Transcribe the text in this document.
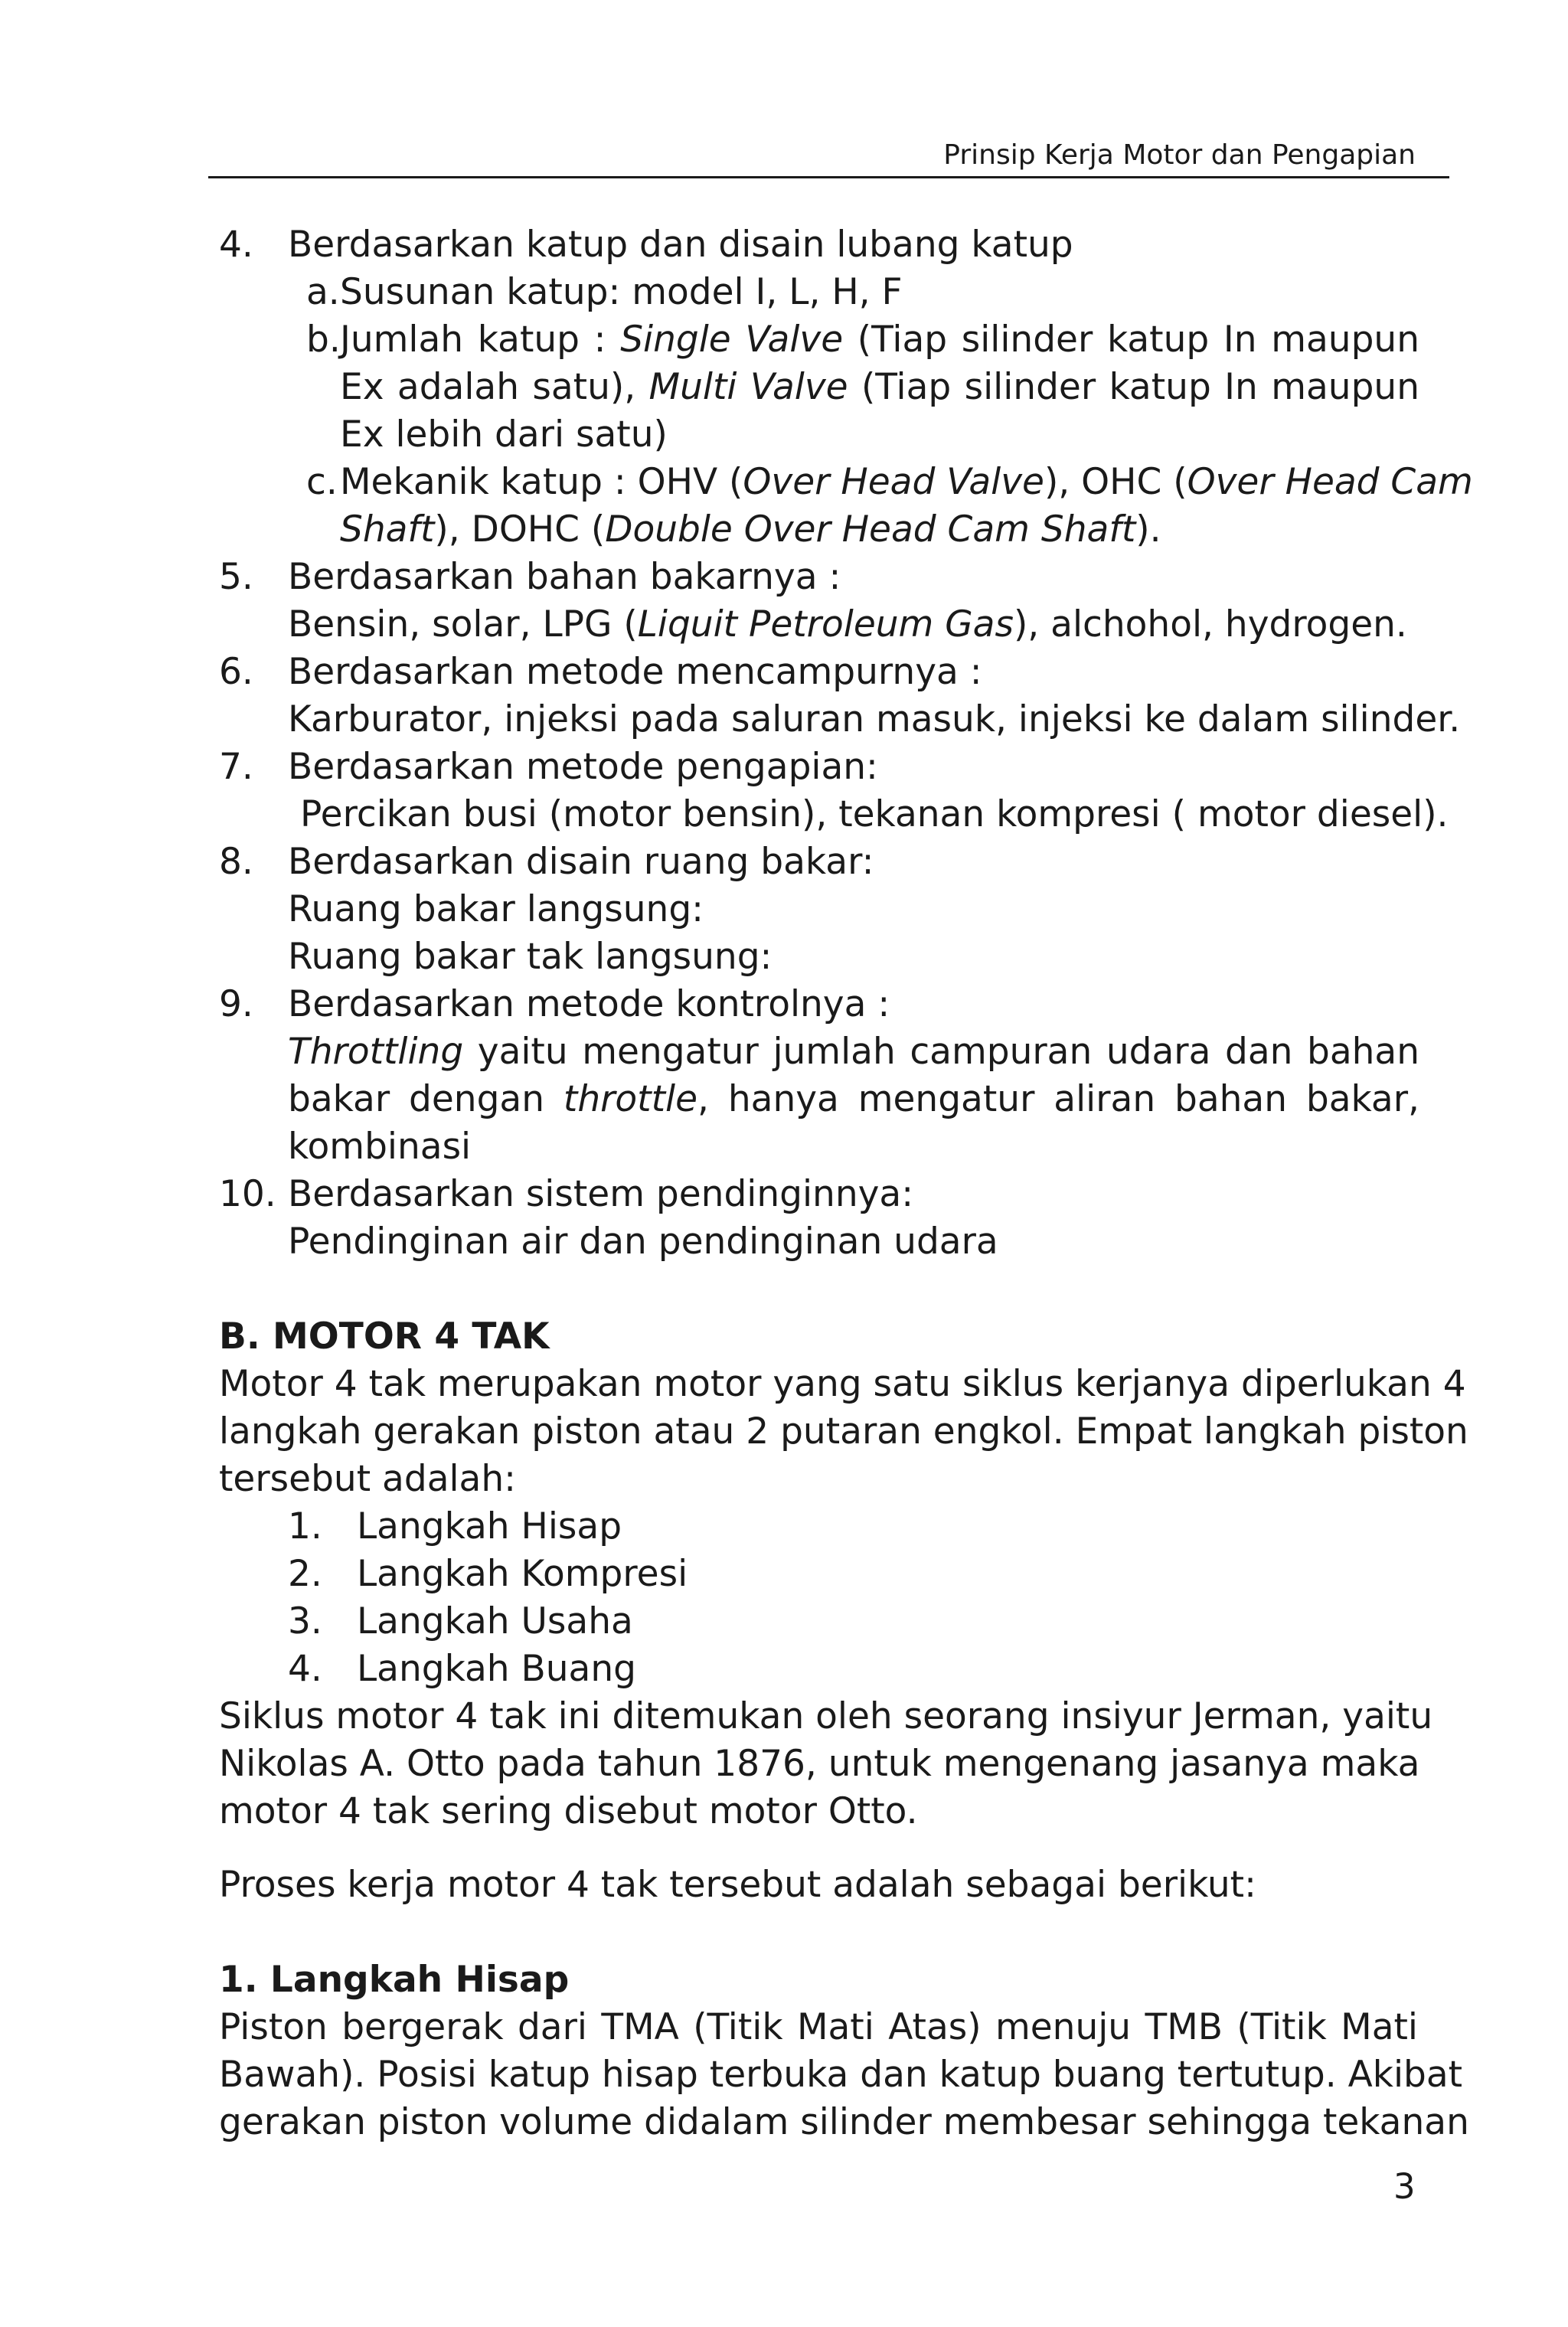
Prinsip Kerja Motor dan Pengapian
4. Berdasarkan katup dan disain lubang katup
a. Susunan katup: model I, L, H, F
b. Jumlah katup : Single Valve (Tiap silinder katup In maupun
Ex adalah satu), Multi Valve (Tiap silinder katup In maupun
Ex lebih dari satu)
c. Mekanik katup : OHV (Over Head Valve), OHC (Over Head Cam
Shaft), DOHC (Double Over Head Cam Shaft).
5. Berdasarkan bahan bakarnya :
Bensin, solar, LPG (Liquit Petroleum Gas), alchohol, hydrogen.
6. Berdasarkan metode mencampurnya :
Karburator, injeksi pada saluran masuk, injeksi ke dalam silinder.
7. Berdasarkan metode pengapian:
Percikan busi (motor bensin), tekanan kompresi ( motor diesel).
8. Berdasarkan disain ruang bakar:
Ruang bakar langsung:
Ruang bakar tak langsung:
9. Berdasarkan metode kontrolnya :
Throttling yaitu mengatur jumlah campuran udara dan bahan
bakar dengan throttle, hanya mengatur aliran bahan bakar,
kombinasi
10. Berdasarkan sistem pendinginnya:
Pendinginan air dan pendinginan udara
B. MOTOR 4 TAK
Motor 4 tak merupakan motor yang satu siklus kerjanya diperlukan 4
langkah gerakan piston atau 2 putaran engkol. Empat langkah piston
tersebut adalah:
1. Langkah Hisap
2. Langkah Kompresi
3. Langkah Usaha
4. Langkah Buang
Siklus motor 4 tak ini ditemukan oleh seorang insiyur Jerman, yaitu
Nikolas A. Otto pada tahun 1876, untuk mengenang jasanya maka
motor 4 tak sering disebut motor Otto.
Proses kerja motor 4 tak tersebut adalah sebagai berikut:
1. Langkah Hisap
Piston bergerak dari TMA (Titik Mati Atas) menuju TMB (Titik Mati
Bawah). Posisi katup hisap terbuka dan katup buang tertutup. Akibat
gerakan piston volume didalam silinder membesar sehingga tekanan
3
